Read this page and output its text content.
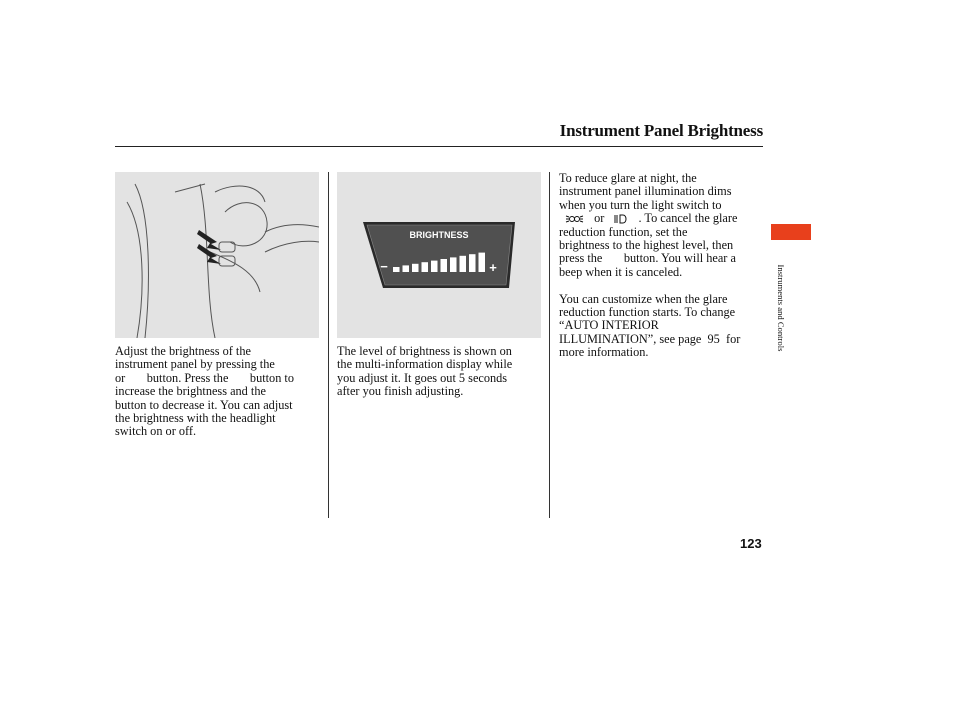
Instrument Panel Brightness
BRIGHTNESS
−	+
Adjust the brightness of the
instrument panel by pressing the
or       button. Press the       button to
increase the brightness and the
button to decrease it. You can adjust
the brightness with the headlight
switch on or off.
The level of brightness is shown on
the multi-information display while
you adjust it. It goes out 5 seconds
after you finish adjusting.
To reduce glare at night, the
instrument panel illumination dims
when you turn the light switch to
or	. To cancel the glare
reduction function, set the
brightness to the highest level, then
press the       button. You will hear a
beep when it is canceled.
You can customize when the glare
reduction function starts. To change
“AUTO INTERIOR
ILLUMINATION”, see page  95  for
more information.
Instruments and Controls
123
